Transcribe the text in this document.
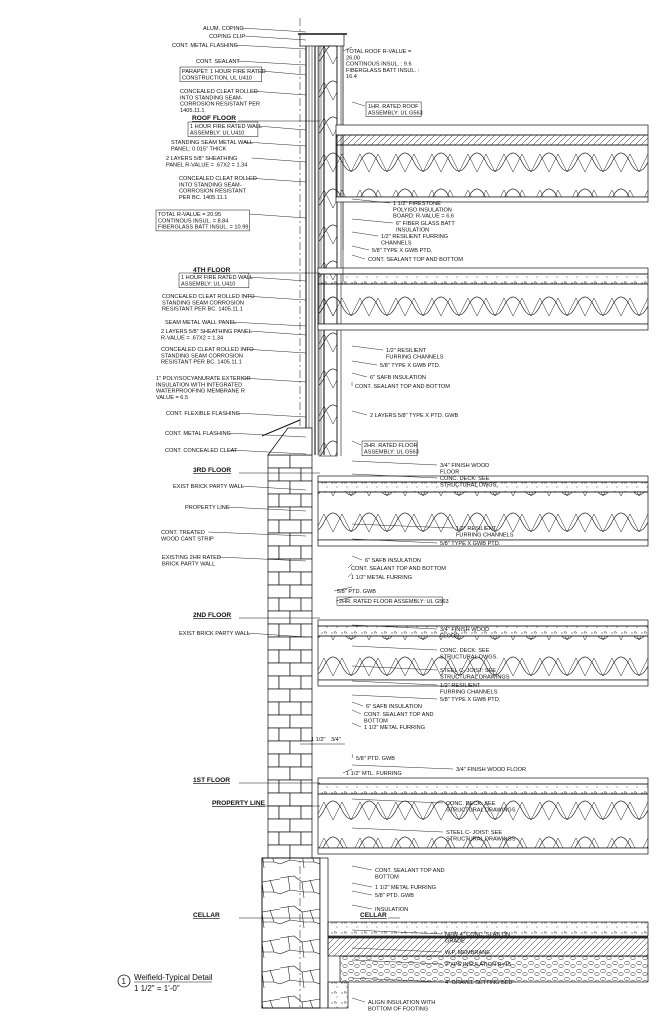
ROOF FLOOR
4TH FLOOR
3RD FLOOR
2ND FLOOR
1ST FLOOR
PROPERTY LINE
CELLAR	CELLAR
ALUM. COPING
COPING CLIP
CONT. METAL FLASHING
CONT. SEALANT
PARAPET: 1 HOUR FIRE RATED
CONSTRUCTION, UL U410
CONCEALED CLEAT ROLLED
INTO STANDING SEAM-
CORROSION RESISTANT PER
1405.11.1
1 HOUR FIRE RATED WALL
ASSEMBLY: UL U410
STANDING SEAM METAL WALL
PANEL: 0.015" THICK
2 LAYERS 5/8" SHEATHING
PANEL R-VALUE = .67X2 = 1.34
CONCEALED CLEAT ROLLED
INTO STANDING SEAM-
CORROSION RESISTANT
PER BC. 1405.11.1
TOTAL R-VALUE = 20.95
CONTINOUS INSUL. = 8.84
FIBERGLASS BATT INSUL. = 10.99
1 HOUR FIRE RATED WALL
ASSEMBLY: UL U410
CONCEALED CLEAT ROLLED INTO
STANDING SEAM CORROSION
RESISTANT PER BC. 1405.11.1
SEAM METAL WALL PANEL
2 LAYERS 5/8" SHEATHING PANEL
R-VALUE = .67X2 = 1.34
CONCEALED CLEAT ROLLED INTO
STANDING SEAM CORROSION
RESISTANT PER BC. 1405.11.1
1" POLYISOCYANURATE EXTERIOR
INSULATION WITH INTEGRATED
WATERPROOFING MEMBRANE R
VALUE = 6.5
CONT. FLEXIBLE FLASHING
CONT. METAL FLASHING
CONT. CONCEALED CLEAT
EXIST BRICK PARTY WALL
PROPERTY LINE
CONT. TREATED
WOOD CANT STRIP
EXISTING 2HR RATED
BRICK PARTY WALL
EXIST BRICK PARTY WALL
TOTAL ROOF R-VALUE =
26.00
CONTINOUS INSUL. : 9.6
FIBERGLASS BATT INSUL. :
16.4
1HR. RATED ROOF
ASSEMBLY: UL G563
1 1/2" FIRESTONE
POLYISO INSULATION
BOARD: R-VALUE = 6.6
6" FIBER GLASS BATT
INSULATION
1/2" RESILIENT FURRING
CHANNELS
5/8" TYPE X GWB PTD.
CONT. SEALANT TOP AND BOTTOM
1/2" RESILIENT
FURRING CHANNELS
5/8" TYPE X GWB PTD.
6" SAFB INSULATION
CONT. SEALANT TOP AND BOTTOM
2 LAYERS 5/8" TYPE X PTD. GWB
2HR. RATED FLOOR
ASSEMBLY: UL G563
3/4" FINISH WOOD
FLOOR
CONC. DECK: SEE
STRUCTURAL DWGS.
1/2" RESILIENT
FURRING CHANNELS
5/8" TYPE X GWB PTD.
6" SAFB INSULATION
CONT. SEALANT TOP AND BOTTOM
1 1/2" METAL FURRING
5/8" PTD. GWB
2HR. RATED FLOOR ASSEMBLY: UL G563
3/4" FINISH WOOD
FLOOR
CONC. DECK: SEE
STRUCTURAL DWGS.
STEEL C- JOIST: SEE
STRUCTURAL DRAWINGS
1/2" RESILIENT
FURRING CHANNELS
5/8" TYPE X GWB PTD.
6" SAFB INSULATION
CONT. SEALANT TOP AND
BOTTOM
1 1/2" METAL FURRING
5/8" PTD. GWB
1 1/2" MTL. FURRING
3/4" FINISH WOOD FLOOR
CONC. DECK: SEE
STRUCTURAL DRAWINGS
STEEL C- JOIST: SEE
STRUCTURAL DRAWINGS
CONT. SEALANT TOP AND
BOTTOM
1 1/2" METAL FURRING
5/8" PTD. GWB
INSULATION
NEW 4" CONC. SLAB ON
GRADE
W.P. MEMBRANE
2"XPS INSULATION R=15
4" GRAVEL SETTING BED
ALIGN INSULATION WITH
BOTTOM OF FOOTING
1 1/2" 3/4"
1 Weifield-Typical Detail
1 1/2" = 1'-0"
